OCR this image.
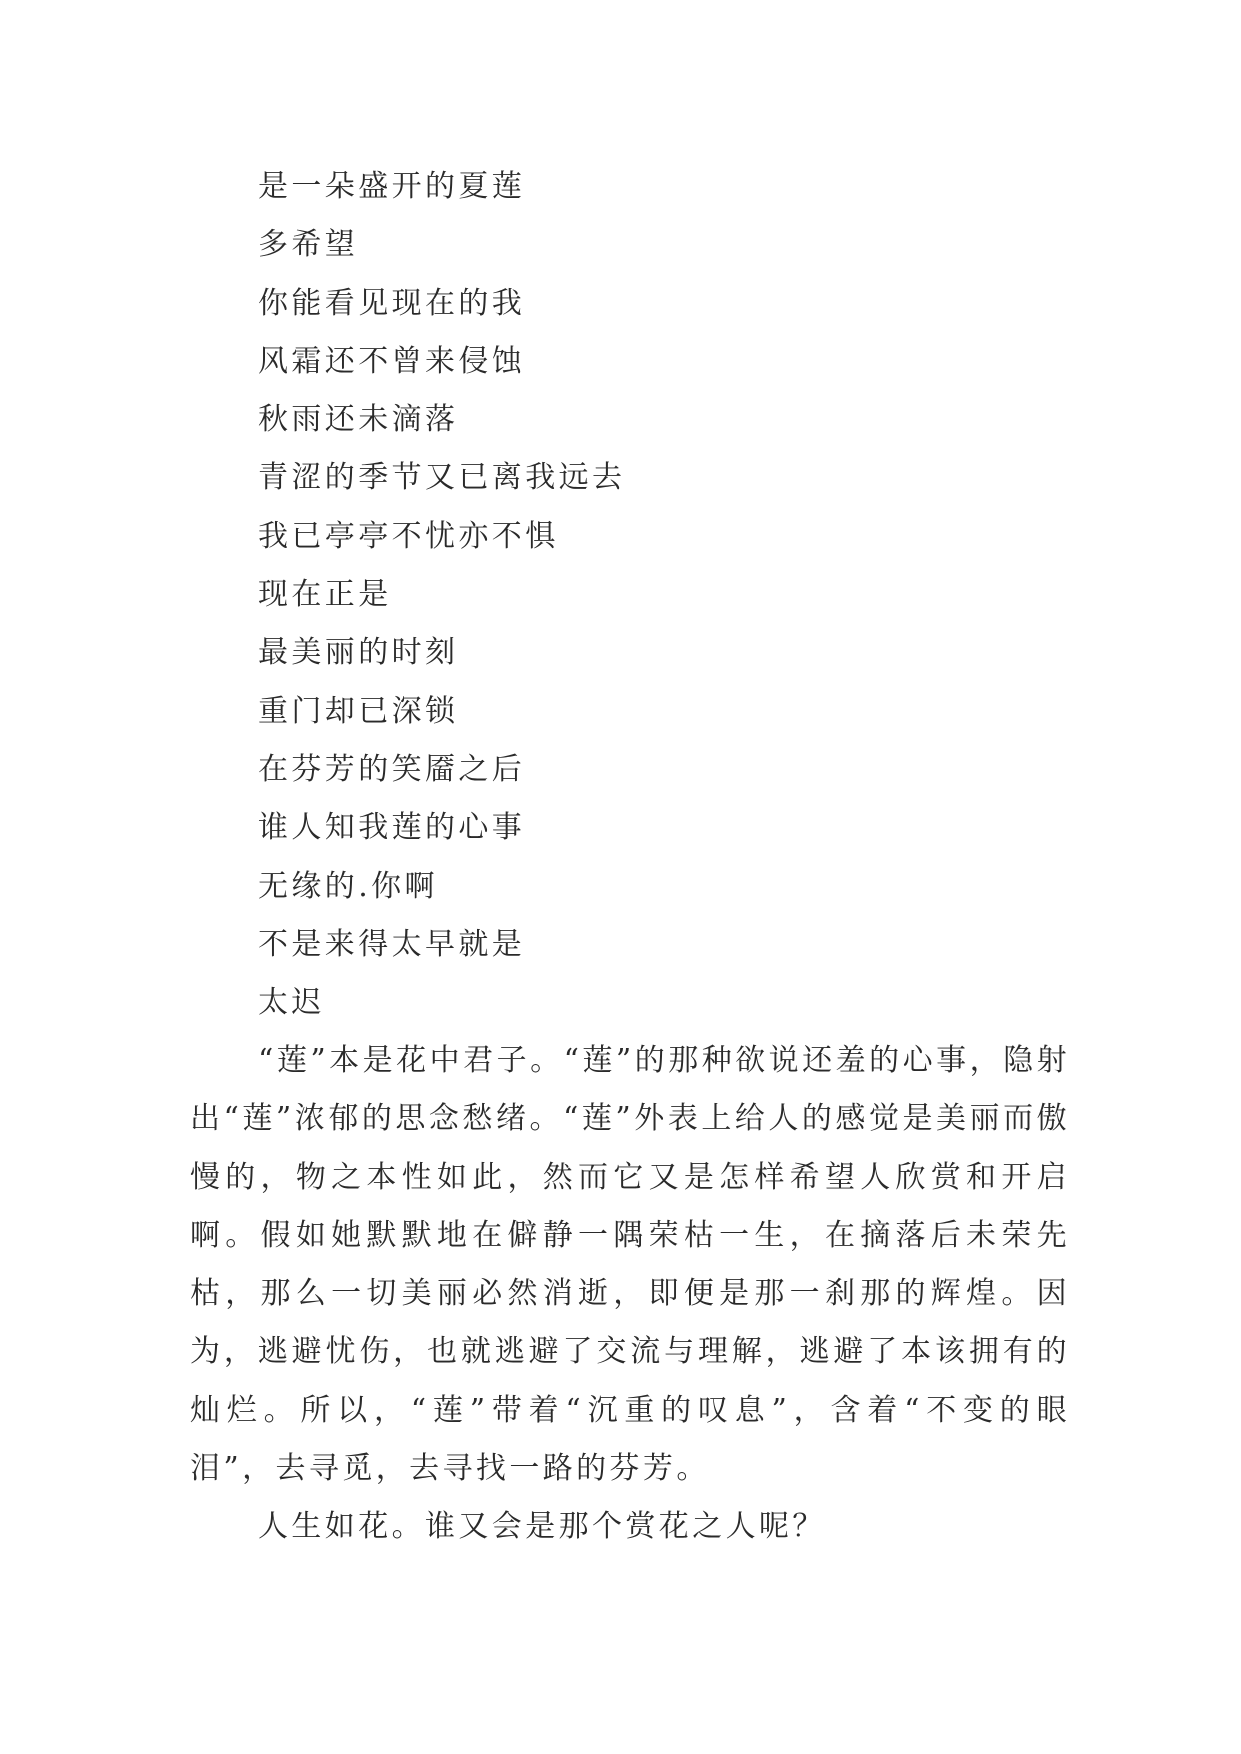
是一朵盛开的夏莲
多希望
你能看见现在的我
风霜还不曾来侵蚀
秋雨还未滴落
青涩的季节又已离我远去
我已亭亭不忧亦不惧
现在正是
最美丽的时刻
重门却已深锁
在芬芳的笑靥之后
谁人知我莲的心事
无缘的.你啊
不是来得太早就是
太迟

“莲”本是花中君子。“莲”的那种欲说还羞的心事，隐射出“莲”浓郁的思念愁绪。“莲”外表上给人的感觉是美丽而傲慢的，物之本性如此，然而它又是怎样希望人欣赏和开启啊。假如她默默地在僻静一隅荣枯一生，在摘落后未荣先枯，那么一切美丽必然消逝，即便是那一刹那的辉煌。因为，逃避忧伤，也就逃避了交流与理解，逃避了本该拥有的灿烂。所以，“莲”带着“沉重的叹息”，含着“不变的眼泪”，去寻觅，去寻找一路的芬芳。

人生如花。谁又会是那个赏花之人呢？
